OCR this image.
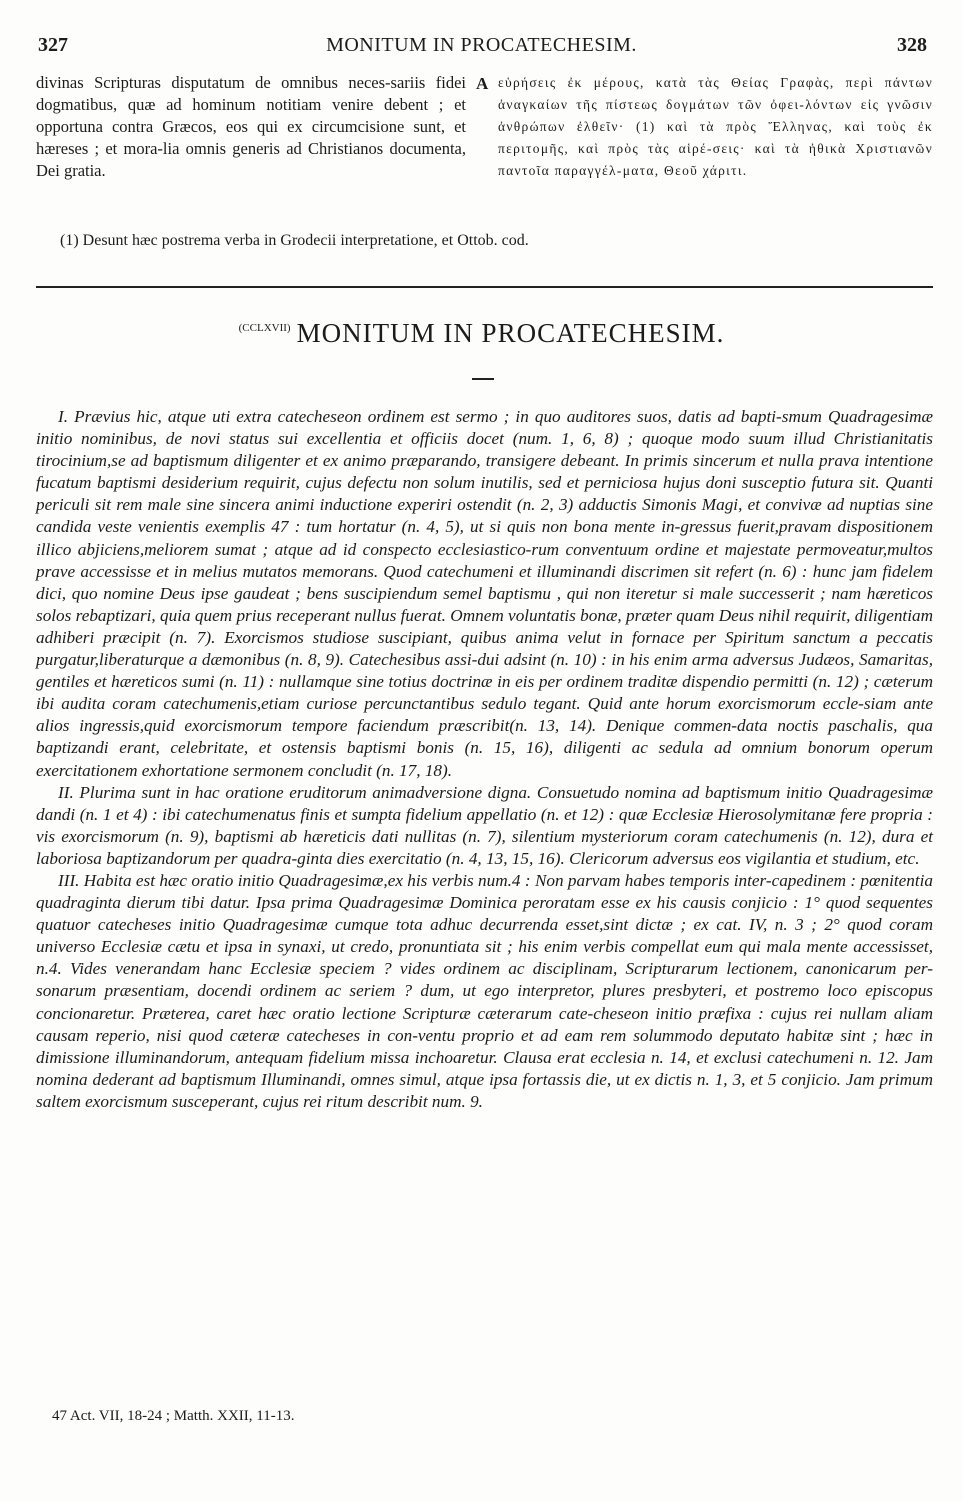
327	MONITUM IN PROCATECHESIM.	328
divinas Scripturas disputatum de omnibus neces-sariis fidei dogmatibus, quæ ad hominum notitiam venire debent ; et opportuna contra Græcos, eos qui ex circumcisione sunt, et hæreses ; et mora-lia omnis generis ad Christianos documenta, Dei gratia.
A εὑρήσεις ἐκ μέρους, κατὰ τὰς Θείας Γραφὰς, περὶ πάντων ἀναγκαίων τῆς πίστεως δογμάτων τῶν ὀφει-λόντων εἰς γνῶσιν ἀνθρώπων ἐλθεῖν· (1) καὶ τὰ πρὸς Ἕλληνας, καὶ τοὺς ἐκ περιτομῆς, καὶ πρὸς τὰς αἱρέ-σεις· καὶ τὰ ἠθικὰ Χριστιανῶν παντοῖα παραγγέλ-ματα, Θεοῦ χάριτι.
(1) Desunt hæc postrema verba in Grodecii interpretatione, et Ottob. cod.
$^{(CCLXVII)}$ MONITUM IN PROCATECHESIM.

I. Prævius hic, atque uti extra catecheseon ordinem est sermo ; in quo auditores suos, datis ad bapti-smum Quadragesimæ initio nominibus, de novi status sui excellentia et officiis docet (num. 1, 6, 8) ; quoque modo suum illud Christianitatis tirocinium,se ad baptismum diligenter et ex animo præparando, transigere debeant. In primis sincerum et nulla prava intentione fucatum baptismi desiderium requirit, cujus defectu non solum inutilis, sed et perniciosa hujus doni susceptio futura sit. Quanti periculi sit rem male sine sincera animi inductione experiri ostendit (n. 2, 3) adductis Simonis Magi, et convivæ ad nuptias sine candida veste venientis exemplis 47 : tum hortatur (n. 4, 5), ut si quis non bona mente in-gressus fuerit,pravam dispositionem illico abjiciens,meliorem sumat ; atque ad id conspecto ecclesiastico-rum conventuum ordine et majestate permoveatur,multos prave accessisse et in melius mutatos memorans. Quod catechumeni et illuminandi discrimen sit refert (n. 6) : hunc jam fidelem dici, quo nomine Deus ipse gaudeat ; bens suscipiendum semel baptismu , qui non iteretur si male successerit ; nam hæreticos solos rebaptizari, quia quem prius receperant nullus fuerat. Omnem voluntatis bonæ, præter quam Deus nihil requirit, diligentiam adhiberi præcipit (n. 7). Exorcismos studiose suscipiant, quibus anima velut in fornace per Spiritum sanctum a peccatis purgatur,liberaturque a dæmonibus (n. 8, 9). Catechesibus assi-dui adsint (n. 10) : in his enim arma adversus Judæos, Samaritas, gentiles et hæreticos sumi (n. 11) : nullamque sine totius doctrinæ in eis per ordinem traditæ dispendio permitti (n. 12) ; cæterum ibi audita coram catechumenis,etiam curiose percunctantibus sedulo tegant. Quid ante horum exorcismorum eccle-siam ante alios ingressis,quid exorcismorum tempore faciendum præscribit(n. 13, 14). Denique commen-data noctis paschalis, qua baptizandi erant, celebritate, et ostensis baptismi bonis (n. 15, 16), diligenti ac sedula ad omnium bonorum operum exercitationem exhortatione sermonem concludit (n. 17, 18).

II. Plurima sunt in hac oratione eruditorum animadversione digna. Consuetudo nomina ad baptismum initio Quadragesimæ dandi (n. 1 et 4) : ibi catechumenatus finis et sumpta fidelium appellatio (n. et 12) : quæ Ecclesiæ Hierosolymitanæ fere propria : vis exorcismorum (n. 9), baptismi ab hæreticis dati nullitas (n. 7), silentium mysteriorum coram catechumenis (n. 12), dura et laboriosa baptizandorum per quadra-ginta dies exercitatio (n. 4, 13, 15, 16). Clericorum adversus eos vigilantia et studium, etc.

III. Habita est hæc oratio initio Quadragesimæ,ex his verbis num.4 : Non parvam habes temporis inter-capedinem : pœnitentia quadraginta dierum tibi datur. Ipsa prima Quadragesimæ Dominica peroratam esse ex his causis conjicio : 1° quod sequentes quatuor catecheses initio Quadragesimæ cumque tota adhuc decurrenda esset,sint dictæ ; ex cat. IV, n. 3 ; 2° quod coram universo Ecclesiæ cætu et ipsa in synaxi, ut credo, pronuntiata sit ; his enim verbis compellat eum qui mala mente accessisset, n.4. Vides venerandam hanc Ecclesiæ speciem ? vides ordinem ac disciplinam, Scripturarum lectionem, canonicarum per-sonarum præsentiam, docendi ordinem ac seriem ? dum, ut ego interpretor, plures presbyteri, et postremo loco episcopus concionaretur. Præterea, caret hæc oratio lectione Scripturæ cæterarum cate-cheseon initio præfixa : cujus rei nullam aliam causam reperio, nisi quod cæteræ catecheses in con-ventu proprio et ad eam rem solummodo deputato habitæ sint ; hæc in dimissione illuminandorum, antequam fidelium missa inchoaretur. Clausa erat ecclesia n. 14, et exclusi catechumeni n. 12. Jam nomina dederant ad baptismum Illuminandi, omnes simul, atque ipsa fortassis die, ut ex dictis n. 1, 3, et 5 conjicio. Jam primum saltem exorcismum susceperant, cujus rei ritum describit num. 9.

47 Act. VII, 18-24 ; Matth. XXII, 11-13.
